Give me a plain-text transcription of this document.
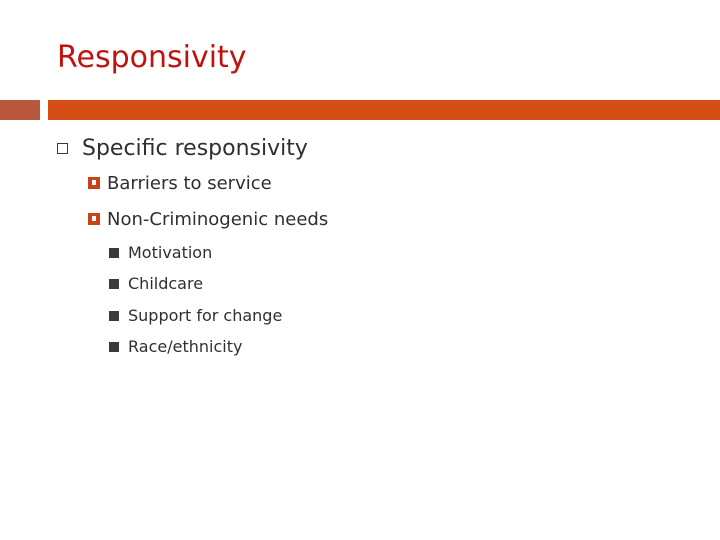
Responsivity
Specific responsivity
Barriers to service
Non-Criminogenic needs
Motivation
Childcare
Support for change
Race/ethnicity
